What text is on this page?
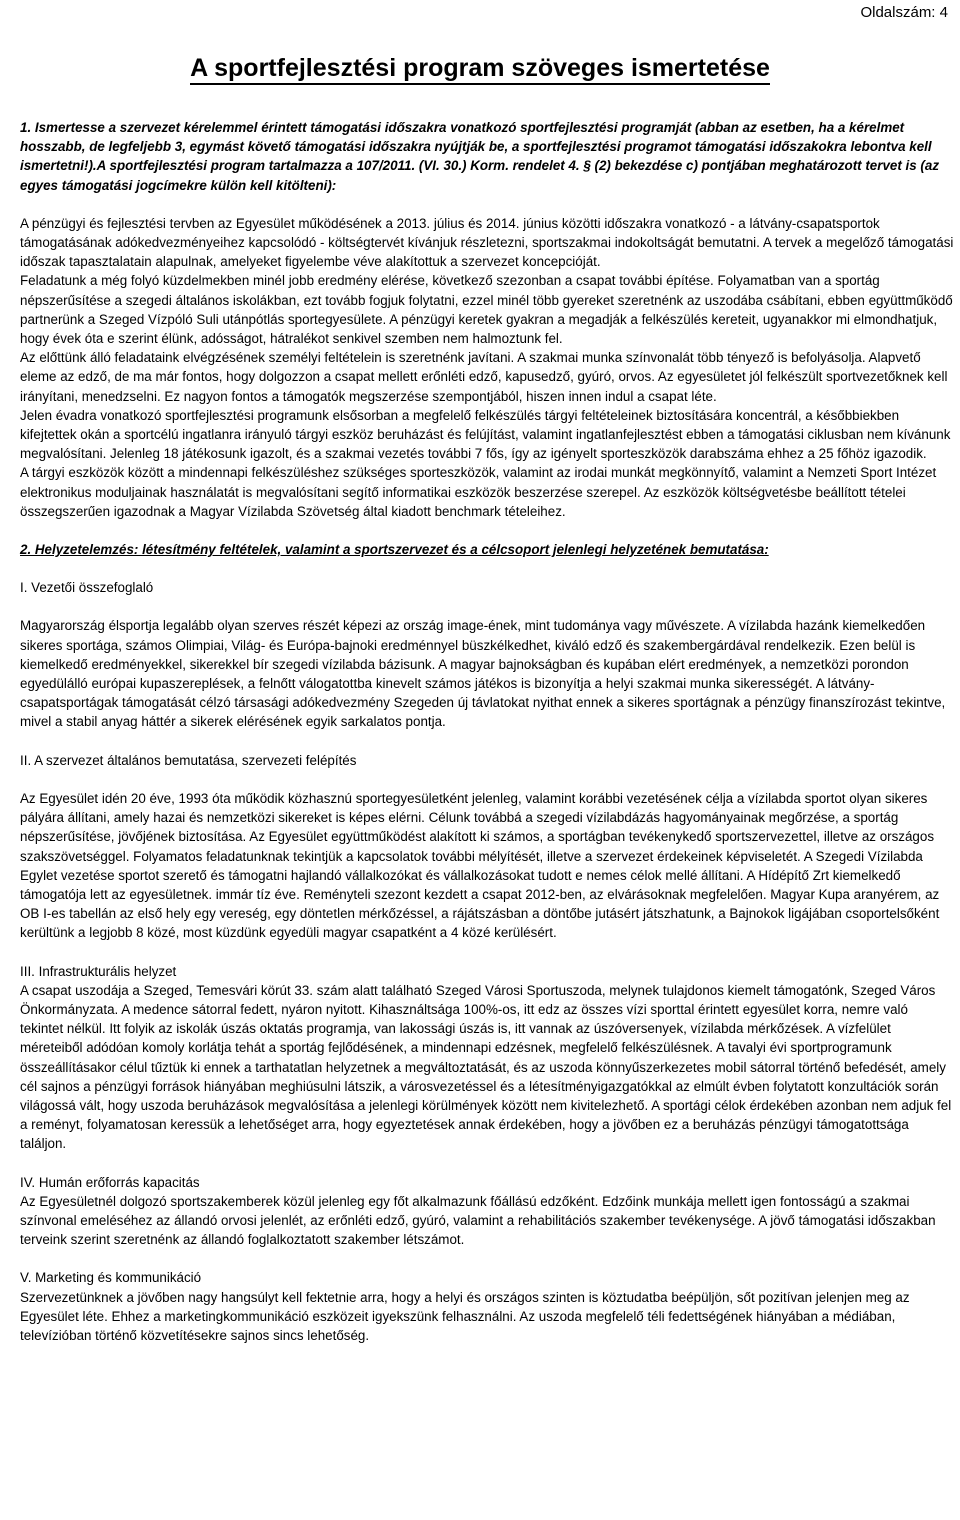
Oldalszám: 4
A sportfejlesztési program szöveges ismertetése

1. Ismertesse a szervezet kérelemmel érintett támogatási időszakra vonatkozó sportfejlesztési programját (abban az esetben, ha a kérelmet hosszabb, de legfeljebb 3, egymást követő támogatási időszakra nyújtják be, a sportfejlesztési programot támogatási időszakokra lebontva kell ismertetni!).A sportfejlesztési program tartalmazza a 107/2011. (VI. 30.) Korm. rendelet 4. § (2) bekezdése c) pontjában meghatározott tervet is (az egyes támogatási jogcímekre külön kell kitölteni):

A pénzügyi és fejlesztési tervben az Egyesület működésének a 2013. július és 2014. június közötti időszakra vonatkozó - a látvány-csapatsportok támogatásának adókedvezményeihez kapcsolódó - költségtervét kívánjuk részletezni, sportszakmai indokoltságát bemutatni. A tervek a megelőző támogatási időszak tapasztalatain alapulnak, amelyeket figyelembe véve alakítottuk a szervezet koncepcióját.

Feladatunk a még folyó küzdelmekben minél jobb eredmény elérése, következő szezonban a csapat további építése. Folyamatban van a sportág népszerűsítése a szegedi általános iskolákban, ezt tovább fogjuk folytatni, ezzel minél több gyereket szeretnénk az uszodába csábítani, ebben együttműködő partnerünk a Szeged Vízpóló Suli utánpótlás sportegyesülete. A pénzügyi keretek gyakran a megadják a felkészülés kereteit, ugyanakkor mi elmondhatjuk, hogy évek óta e szerint élünk, adósságot, hátralékot senkivel szemben nem halmoztunk fel.

Az előttünk álló feladataink elvégzésének személyi feltételein is szeretnénk javítani. A szakmai munka színvonalát több tényező is befolyásolja. Alapvető eleme az edző, de ma már fontos, hogy dolgozzon a csapat mellett erőnléti edző, kapusedző, gyúró, orvos. Az egyesületet jól felkészült sportvezetőknek kell irányítani, menedzselni. Ez nagyon fontos a támogatók megszerzése szempontjából, hiszen innen indul a csapat léte.

Jelen évadra vonatkozó sportfejlesztési programunk elsősorban a megfelelő felkészülés tárgyi feltételeinek biztosítására koncentrál, a későbbiekben kifejtettek okán a sportcélú ingatlanra irányuló tárgyi eszköz beruházást és felújítást, valamint ingatlanfejlesztést ebben a támogatási ciklusban nem kívánunk megvalósítani. Jelenleg 18 játékosunk igazolt, és a szakmai vezetés további 7 fős, így az igényelt sporteszközök darabszáma ehhez a 25 főhöz igazodik.

A tárgyi eszközök között a mindennapi felkészüléshez szükséges sporteszközök, valamint az irodai munkát megkönnyítő, valamint a Nemzeti Sport Intézet elektronikus moduljainak használatát is megvalósítani segítő informatikai eszközök beszerzése szerepel. Az eszközök költségvetésbe beállított tételei összegszerűen igazodnak a Magyar Vízilabda Szövetség által kiadott benchmark tételeihez.

2. Helyzetelemzés: létesítmény feltételek, valamint a sportszervezet és a célcsoport jelenlegi helyzetének bemutatása:

I. Vezetői összefoglaló

Magyarország élsportja legalább olyan szerves részét képezi az ország image-ének, mint tudománya vagy művészete. A vízilabda hazánk kiemelkedően sikeres sportága, számos Olimpiai, Világ- és Európa-bajnoki eredménnyel büszkélkedhet, kiváló edző és szakembergárdával rendelkezik. Ezen belül is kiemelkedő eredményekkel, sikerekkel bír szegedi vízilabda bázisunk. A magyar bajnokságban és kupában elért eredmények, a nemzetközi porondon egyedülálló európai kupaszereplések, a felnőtt válogatottba kinevelt számos játékos is bizonyítja a helyi szakmai munka sikerességét. A látvány-csapatsportágak támogatását célzó társasági adókedvezmény Szegeden új távlatokat nyithat ennek a sikeres sportágnak a pénzügy finanszírozást tekintve, mivel a stabil anyag háttér a sikerek elérésének egyik sarkalatos pontja.

II. A szervezet általános bemutatása, szervezeti felépítés

Az Egyesület idén 20 éve, 1993 óta működik közhasznú sportegyesületként jelenleg, valamint korábbi vezetésének célja a vízilabda sportot olyan sikeres pályára állítani, amely hazai és nemzetközi sikereket is képes elérni. Célunk továbbá a szegedi vízilabdázás hagyományainak megőrzése, a sportág népszerűsítése, jövőjének biztosítása. Az Egyesület együttműködést alakított ki számos, a sportágban tevékenykedő sportszervezettel, illetve az országos szakszövetséggel. Folyamatos feladatunknak tekintjük a kapcsolatok további mélyítését, illetve a szervezet érdekeinek képviseletét. A Szegedi Vízilabda Egylet vezetése sportot szerető és támogatni hajlandó vállalkozókat és vállalkozásokat tudott e nemes célok mellé állítani. A Hídépítő Zrt kiemelkedő támogatója lett az egyesületnek. immár tíz éve. Reményteli szezont kezdett a csapat 2012-ben, az elvárásoknak megfelelően. Magyar Kupa aranyérem, az OB I-es tabellán az első hely egy vereség, egy döntetlen mérkőzéssel, a rájátszásban a döntőbe jutásért játszhatunk, a Bajnokok ligájában csoportelsőként kerültünk a legjobb 8 közé, most küzdünk egyedüli magyar csapatként a 4 közé kerülésért.

III. Infrastrukturális helyzet

A csapat uszodája a Szeged, Temesvári körút 33. szám alatt található Szeged Városi Sportuszoda, melynek tulajdonos kiemelt támogatónk, Szeged Város Önkormányzata. A medence sátorral fedett, nyáron nyitott. Kihasználtsága 100%-os, itt edz az összes vízi sporttal érintett egyesület korra, nemre való tekintet nélkül. Itt folyik az iskolák úszás oktatás programja, van lakossági úszás is, itt vannak az úszóversenyek, vízilabda mérkőzések. A vízfelület méreteiből adódóan komoly korlátja tehát a sportág fejlődésének, a mindennapi edzésnek, megfelelő felkészülésnek. A tavalyi évi sportprogramunk összeállításakor célul tűztük ki ennek a tarthatatlan helyzetnek a megváltoztatását, és az uszoda könnyűszerkezetes mobil sátorral történő befedését, amely cél sajnos a pénzügyi források hiányában meghiúsulni látszik, a városvezetéssel és a létesítményigazgatókkal az elmúlt évben folytatott konzultációk során világossá vált, hogy uszoda beruházások megvalósítása a jelenlegi körülmények között nem kivitelezhető. A sportági célok érdekében azonban nem adjuk fel a reményt, folyamatosan keressük a lehetőséget arra, hogy egyeztetések annak érdekében, hogy a jövőben ez a beruházás pénzügyi támogatottsága találjon.

IV. Humán erőforrás kapacitás

Az Egyesületnél dolgozó sportszakemberek közül jelenleg egy főt alkalmazunk főállású edzőként. Edzőink munkája mellett igen fontosságú a szakmai színvonal emeléséhez az állandó orvosi jelenlét, az erőnléti edző, gyúró, valamint a rehabilitációs szakember tevékenysége. A jövő támogatási időszakban terveink szerint szeretnénk az állandó foglalkoztatott szakember létszámot.

V. Marketing és kommunikáció

Szervezetünknek a jövőben nagy hangsúlyt kell fektetnie arra, hogy a helyi és országos szinten is köztudatba beépüljön, sőt pozitívan jelenjen meg az Egyesület léte. Ehhez a marketingkommunikáció eszközeit igyekszünk felhasználni. Az uszoda megfelelő téli fedettségének hiányában a médiában, televízióban történő közvetítésekre sajnos sincs lehetőség.
